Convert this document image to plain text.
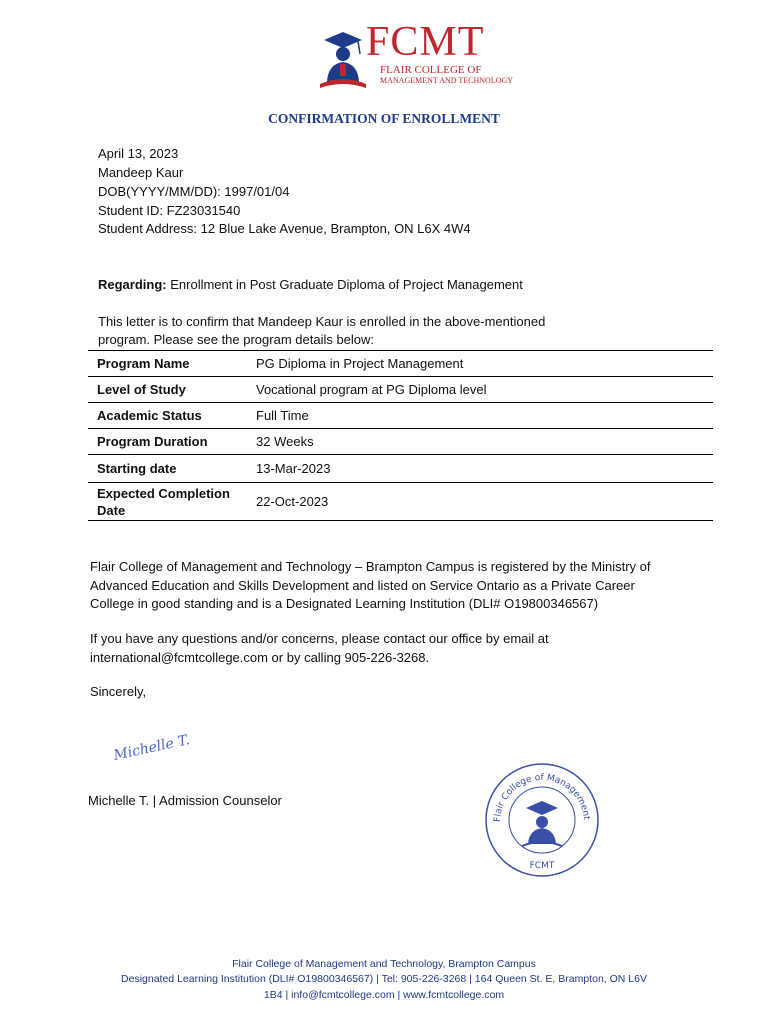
FCMT
FLAIR COLLEGE OF
MANAGEMENT AND TECHNOLOGY
CONFIRMATION OF ENROLLMENT
April 13, 2023
Mandeep Kaur
DOB(YYYY/MM/DD): 1997/01/04
Student ID: FZ23031540
Student Address: 12 Blue Lake Avenue, Brampton, ON L6X 4W4
Regarding: Enrollment in Post Graduate Diploma of Project Management
This letter is to confirm that Mandeep Kaur is enrolled in the above-mentioned
program. Please see the program details below:
Program Name	PG Diploma in Project Management
Level of Study	Vocational program at PG Diploma level
Academic Status	Full Time
Program Duration	32 Weeks
Starting date	13-Mar-2023
Expected Completion Date	22-Oct-2023
Flair College of Management and Technology – Brampton Campus is registered by the Ministry of
Advanced Education and Skills Development and listed on Service Ontario as a Private Career
College in good standing and is a Designated Learning Institution (DLI# O19800346567)
If you have any questions and/or concerns, please contact our office by email at
international@fcmtcollege.com or by calling 905-226-3268.
Sincerely,
Michelle T.
Michelle T. | Admission Counselor
Flair College of Management
FCMT
Flair College of Management and Technology, Brampton Campus
Designated Learning Institution (DLI# O19800346567) | Tel: 905-226-3268 | 164 Queen St. E, Brampton, ON L6V
1B4 | info@fcmtcollege.com | www.fcmtcollege.com
